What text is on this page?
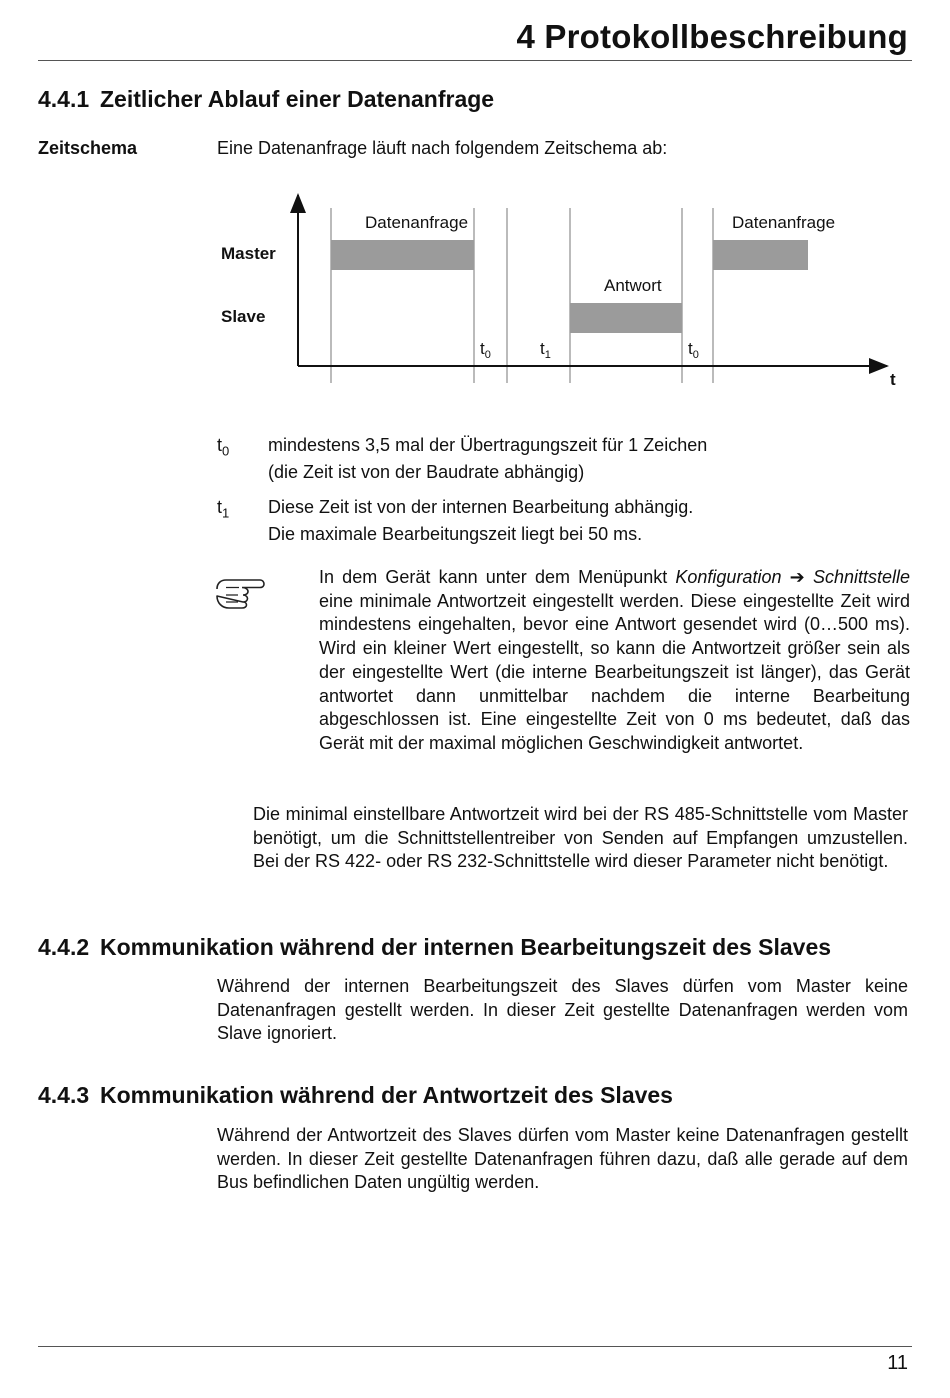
4 Protokollbeschreibung
4.4.1 Zeitlicher Ablauf einer Datenanfrage
Zeitschema	Eine Datenanfrage läuft nach folgendem Zeitschema ab:
Master
Slave
Datenanfrage	Datenanfrage
Antwort
$t_0$	$t_1$	$t_0$
t
$t_0$	mindestens 3,5 mal der Übertragungszeit für 1 Zeichen
(die Zeit ist von der Baudrate abhängig)
$t_1$	Diese Zeit ist von der internen Bearbeitung abhängig.
Die maximale Bearbeitungszeit liegt bei 50 ms.
In dem Gerät kann unter dem Menüpunkt Konfiguration ➔ Schnittstelle eine minimale Antwortzeit eingestellt werden. Diese eingestellte Zeit wird mindestens eingehalten, bevor eine Antwort gesendet wird (0…500 ms). Wird ein kleiner Wert eingestellt, so kann die Antwortzeit größer sein als der eingestellte Wert (die interne Bearbeitungszeit ist länger), das Gerät antwortet dann unmittelbar nachdem die interne Bearbeitung abgeschlossen ist. Eine eingestellte Zeit von 0 ms bedeutet, daß das Gerät mit der maximal möglichen Geschwindigkeit antwortet.
Die minimal einstellbare Antwortzeit wird bei der RS 485-Schnittstelle vom Master benötigt, um die Schnittstellentreiber von Senden auf Empfangen umzustellen. Bei der RS 422- oder RS 232-Schnittstelle wird dieser Parameter nicht benötigt.
4.4.2 Kommunikation während der internen Bearbeitungszeit des Slaves
Während der internen Bearbeitungszeit des Slaves dürfen vom Master keine Datenanfragen gestellt werden. In dieser Zeit gestellte Datenanfragen werden vom Slave ignoriert.
4.4.3 Kommunikation während der Antwortzeit des Slaves
Während der Antwortzeit des Slaves dürfen vom Master keine Datenanfragen gestellt werden. In dieser Zeit gestellte Datenanfragen führen dazu, daß alle gerade auf dem Bus befindlichen Daten ungültig werden.
11
